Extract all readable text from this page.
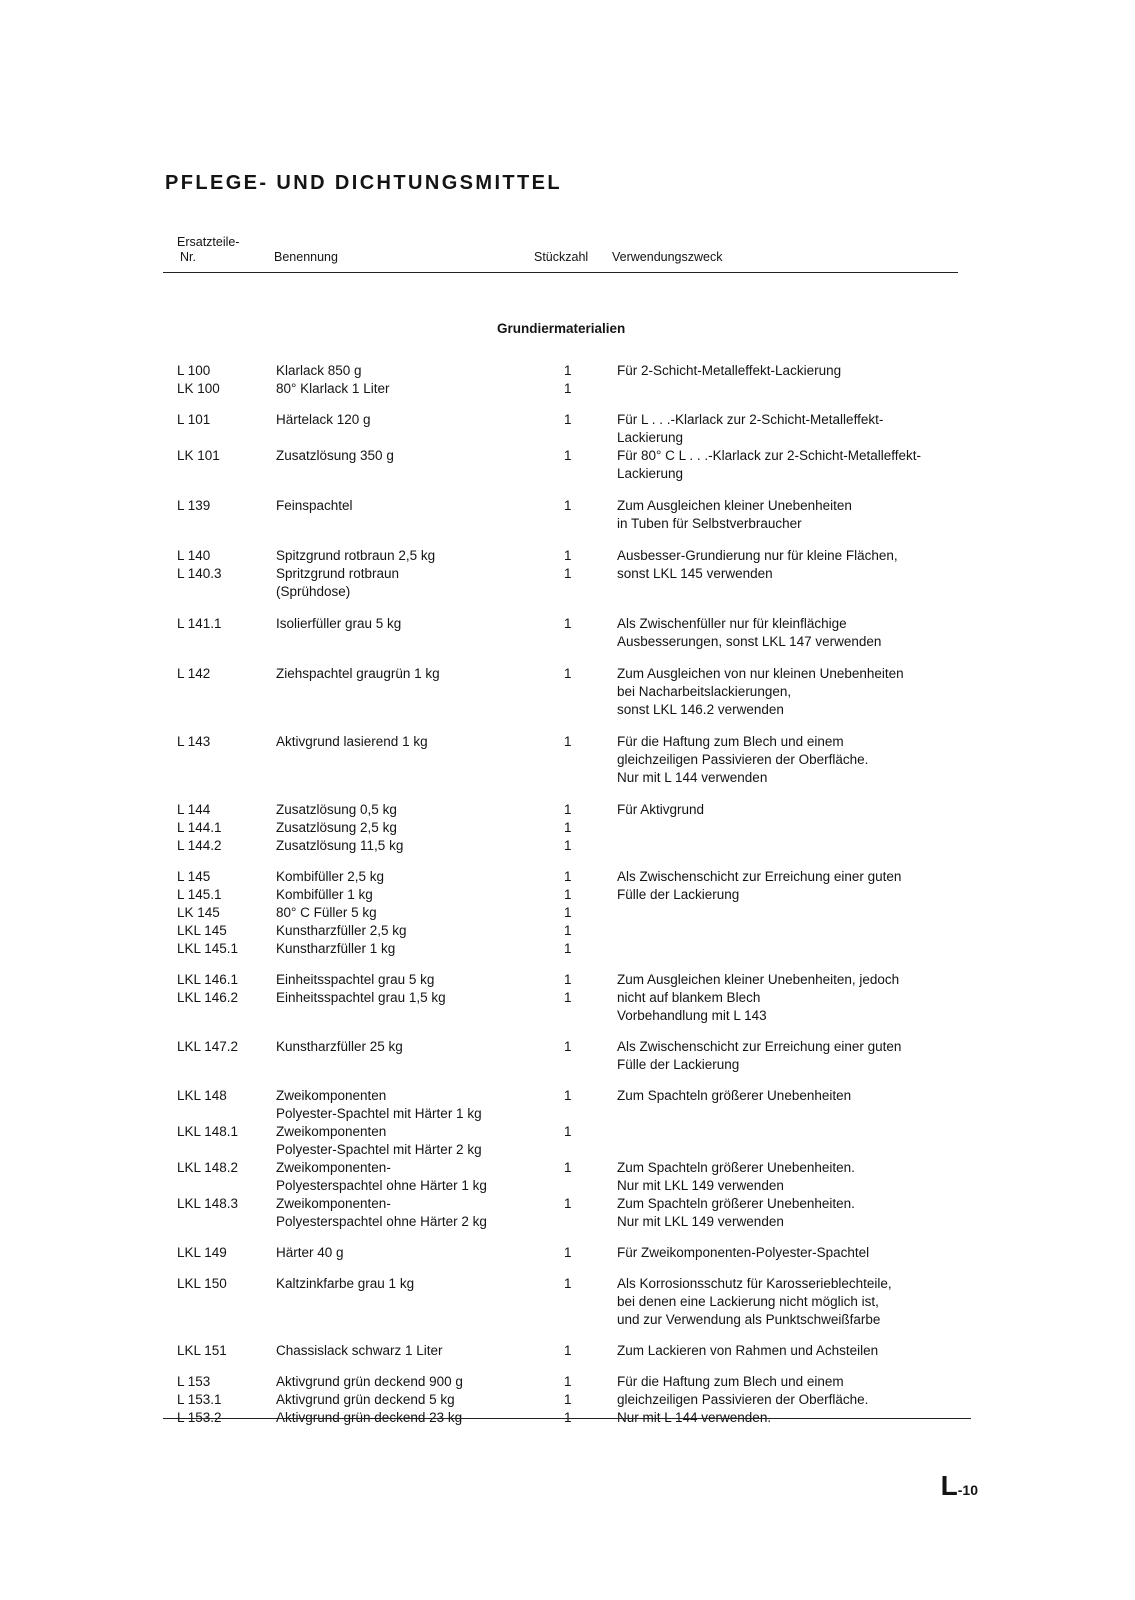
PFLEGE- UND DICHTUNGSMITTEL
Ersatzteile-
Nr.	Benennung	Stückzahl Verwendungszweck
Grundiermaterialien
L 100	Klarlack 850 g	1	Für 2-Schicht-Metalleffekt-Lackierung
LK 100	80° Klarlack 1 Liter	1
L 101	Härtelack 120 g	1	Für L . . .-Klarlack zur 2-Schicht-Metalleffekt-
Lackierung
LK 101	Zusatzlösung 350 g	1	Für 80° C L . . .-Klarlack zur 2-Schicht-Metalleffekt-
Lackierung
L 139	Feinspachtel	1	Zum Ausgleichen kleiner Unebenheiten
in Tuben für Selbstverbraucher
L 140	Spitzgrund rotbraun 2,5 kg	1	Ausbesser-Grundierung nur für kleine Flächen,
L 140.3	Spritzgrund rotbraun	1	sonst LKL 145 verwenden
(Sprühdose)
L 141.1	Isolierfüller grau 5 kg	1	Als Zwischenfüller nur für kleinflächige
Ausbesserungen, sonst LKL 147 verwenden
L 142	Ziehspachtel graugrün 1 kg	1	Zum Ausgleichen von nur kleinen Unebenheiten
bei Nacharbeitslackierungen,
sonst LKL 146.2 verwenden
L 143	Aktivgrund lasierend 1 kg	1	Für die Haftung zum Blech und einem
gleichzeiligen Passivieren der Oberfläche.
Nur mit L 144 verwenden
L 144	Zusatzlösung 0,5 kg	1	Für Aktivgrund
L 144.1	Zusatzlösung 2,5 kg	1
L 144.2	Zusatzlösung 11,5 kg	1
L 145	Kombifüller 2,5 kg	1	Als Zwischenschicht zur Erreichung einer guten
L 145.1	Kombifüller 1 kg	1	Fülle der Lackierung
LK 145	80° C Füller 5 kg	1
LKL 145	Kunstharzfüller 2,5 kg	1
LKL 145.1	Kunstharzfüller 1 kg	1
LKL 146.1	Einheitsspachtel grau 5 kg	1	Zum Ausgleichen kleiner Unebenheiten, jedoch
LKL 146.2	Einheitsspachtel grau 1,5 kg	1	nicht auf blankem Blech
Vorbehandlung mit L 143
LKL 147.2	Kunstharzfüller 25 kg	1	Als Zwischenschicht zur Erreichung einer guten
Fülle der Lackierung
LKL 148	Zweikomponenten	1	Zum Spachteln größerer Unebenheiten
Polyester-Spachtel mit Härter 1 kg
LKL 148.1	Zweikomponenten	1
Polyester-Spachtel mit Härter 2 kg
LKL 148.2	Zweikomponenten-	1	Zum Spachteln größerer Unebenheiten.
Polyesterspachtel ohne Härter 1 kg	Nur mit LKL 149 verwenden
LKL 148.3	Zweikomponenten-	1	Zum Spachteln größerer Unebenheiten.
Polyesterspachtel ohne Härter 2 kg	Nur mit LKL 149 verwenden
LKL 149	Härter 40 g	1	Für Zweikomponenten-Polyester-Spachtel
LKL 150	Kaltzinkfarbe grau 1 kg	1	Als Korrosionsschutz für Karosserieblechteile,
bei denen eine Lackierung nicht möglich ist,
und zur Verwendung als Punktschweißfarbe
LKL 151	Chassislack schwarz 1 Liter	1	Zum Lackieren von Rahmen und Achsteilen
L 153	Aktivgrund grün deckend 900 g	1	Für die Haftung zum Blech und einem
L 153.1	Aktivgrund grün deckend 5 kg	1	gleichzeiligen Passivieren der Oberfläche.
L 153.2	Aktivgrund grün deckend 23 kg	1	Nur mit L 144 verwenden.
L-10
